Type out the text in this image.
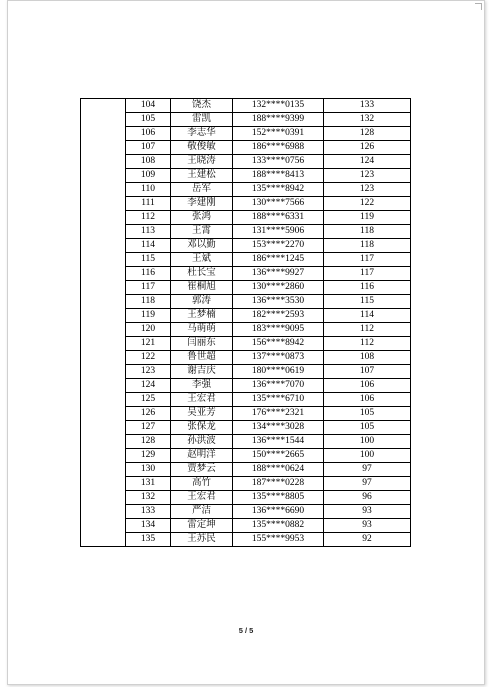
	104	饶杰	132****0135	133
	105	雷凯	188****9399	132
	106	李志华	152****0391	128
	107	敬俊敏	186****6988	126
	108	王晓涛	133****0756	124
	109	王建松	188****8413	123
	110	岳军	135****8942	123
	111	李建刚	130****7566	122
	112	张鸿	188****6331	119
	113	王霄	131****5906	118
	114	邓以勤	153****2270	118
	115	王斌	186****1245	117
	116	杜长宝	136****9927	117
	117	崔桐旭	130****2860	116
	118	郭涛	136****3530	115
	119	王梦楠	182****2593	114
	120	马萌萌	183****9095	112
	121	闫丽东	156****8942	112
	122	鲁世超	137****0873	108
	123	谢吉庆	180****0619	107
	124	李强	136****7070	106
	125	王宏君	135****6710	106
	126	吴亚芳	176****2321	105
	127	张保龙	134****3028	105
	128	孙洪波	136****1544	100
	129	赵明洋	150****2665	100
	130	贾梦云	188****0624	97
	131	高竹	187****0228	97
	132	王宏君	135****8805	96
	133	严洁	136****6690	93
	134	雷定坤	135****0882	93
	135	王苏民	155****9953	92
5 / 5
